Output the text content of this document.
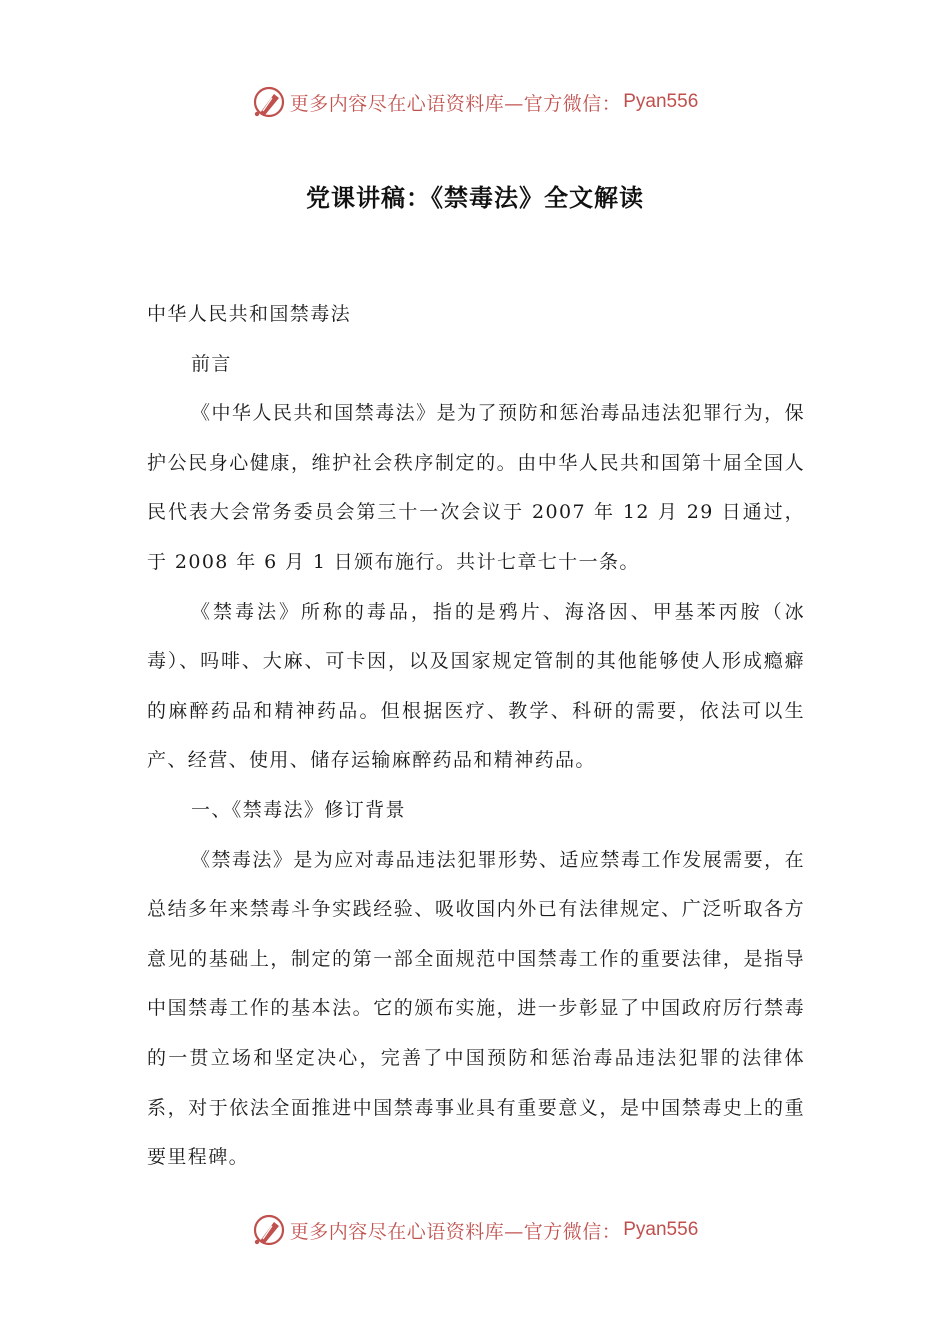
更多内容尽在心语资料库—官方微信： Pyan556
党课讲稿：《禁毒法》全文解读

中华人民共和国禁毒法

前言

《中华人民共和国禁毒法》是为了预防和惩治毒品违法犯罪行为，保护公民身心健康，维护社会秩序制定的。由中华人民共和国第十届全国人民代表大会常务委员会第三十一次会议于 2007 年 12 月 29 日通过，于 2008 年 6 月 1 日颁布施行。共计七章七十一条。

《禁毒法》所称的毒品，指的是鸦片、海洛因、甲基苯丙胺（冰毒）、吗啡、大麻、可卡因，以及国家规定管制的其他能够使人形成瘾癖的麻醉药品和精神药品。但根据医疗、教学、科研的需要，依法可以生产、经营、使用、储存运输麻醉药品和精神药品。

一、《禁毒法》修订背景

《禁毒法》是为应对毒品违法犯罪形势、适应禁毒工作发展需要，在总结多年来禁毒斗争实践经验、吸收国内外已有法律规定、广泛听取各方意见的基础上，制定的第一部全面规范中国禁毒工作的重要法律，是指导中国禁毒工作的基本法。它的颁布实施，进一步彰显了中国政府厉行禁毒的一贯立场和坚定决心，完善了中国预防和惩治毒品违法犯罪的法律体系，对于依法全面推进中国禁毒事业具有重要意义，是中国禁毒史上的重要里程碑。

更多内容尽在心语资料库—官方微信： Pyan556
